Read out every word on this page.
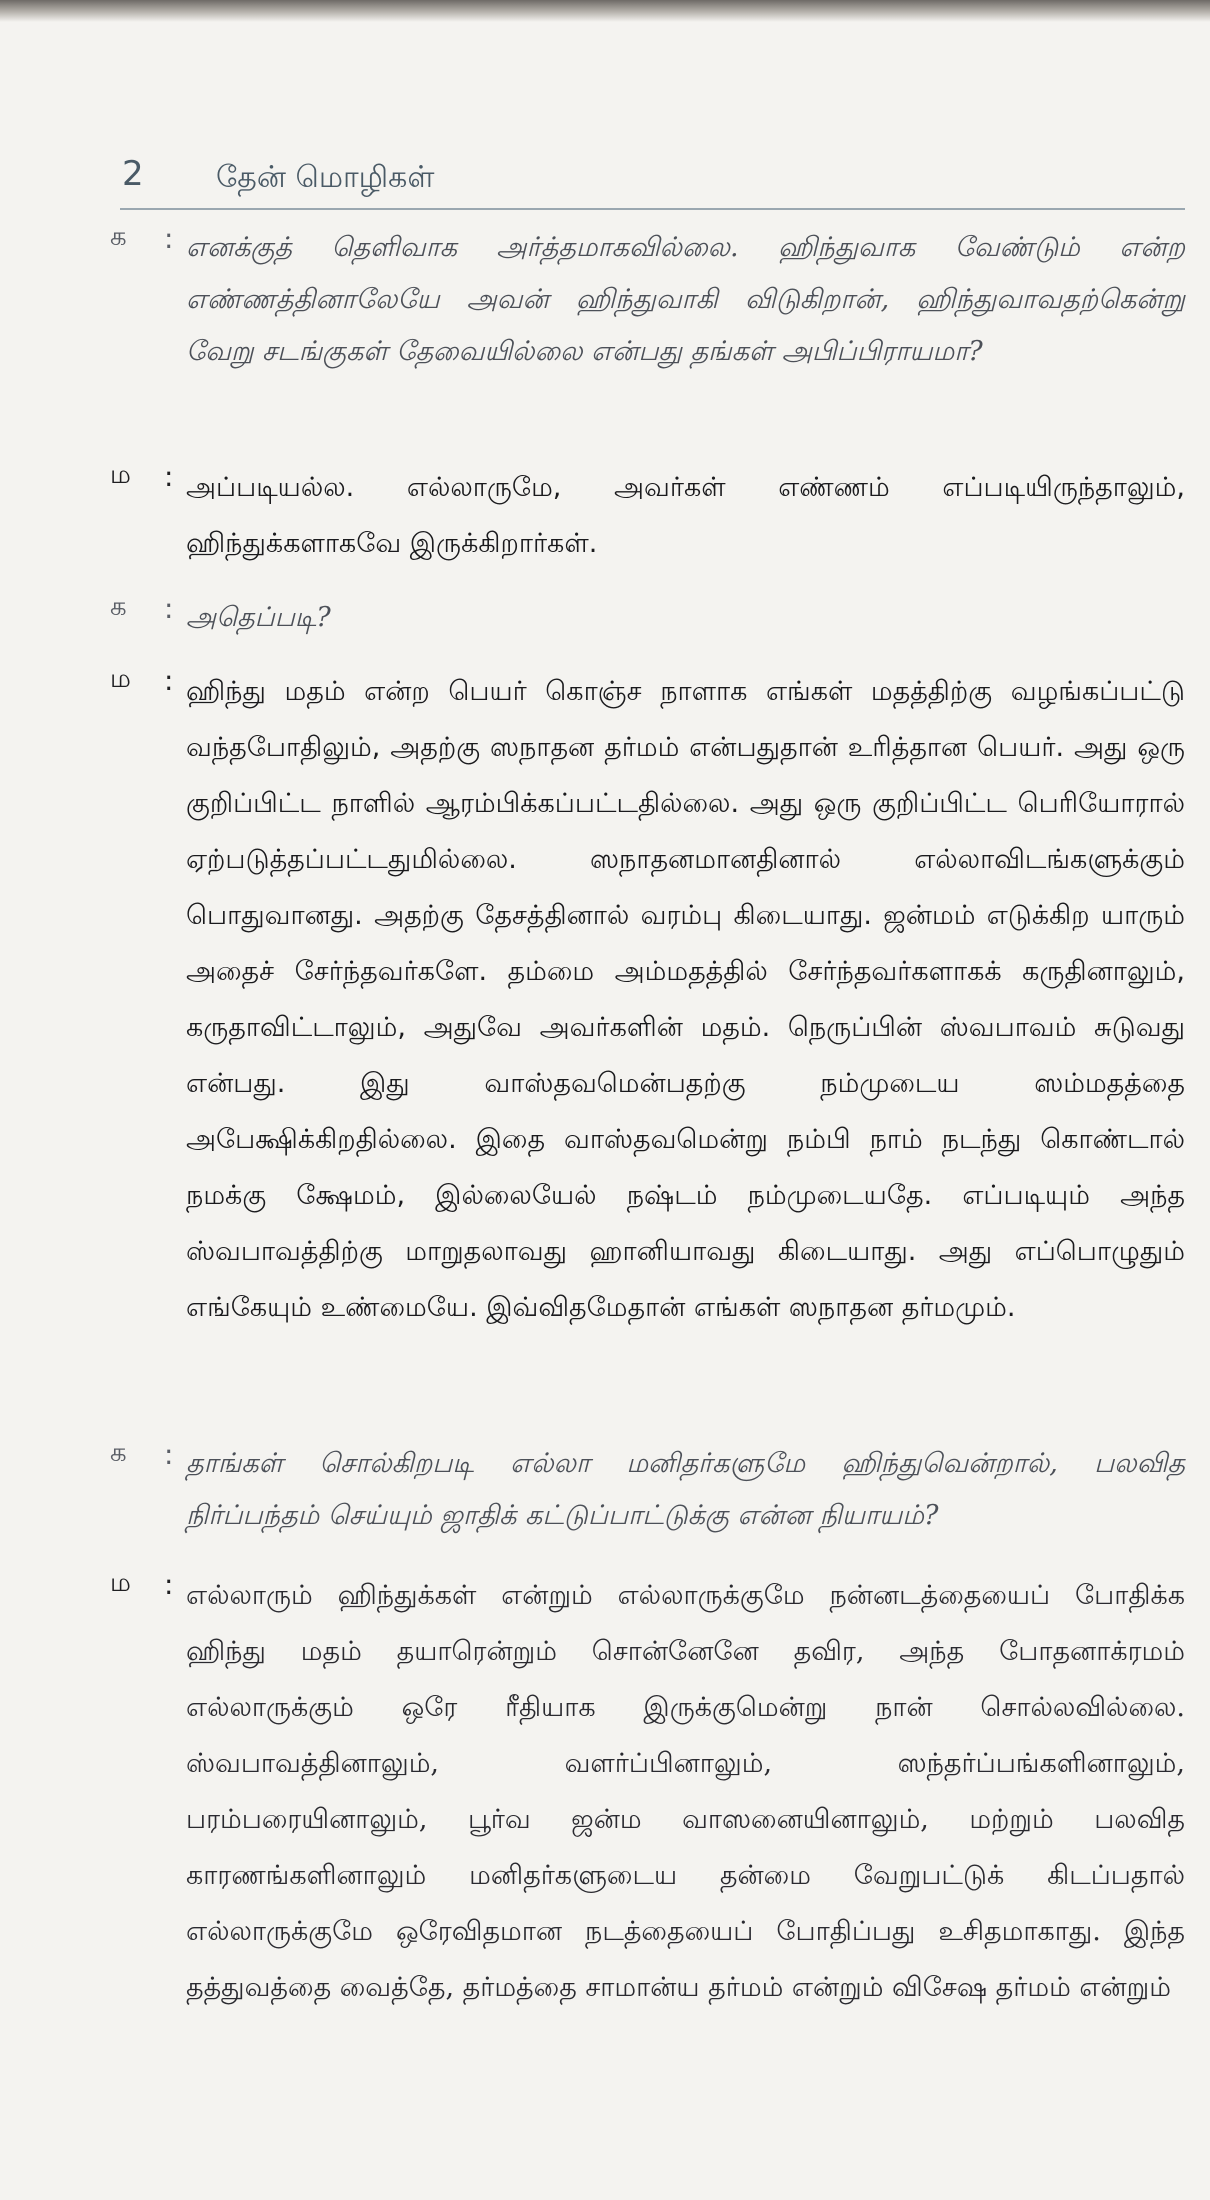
2 தேன் மொழிகள்
க	: எனக்குத் தெளிவாக அர்த்தமாகவில்லை. ஹிந்துவாக வேண்டும் என்ற எண்ணத்தினாலேயே அவன் ஹிந்துவாகி விடுகிறான், ஹிந்துவாவதற்கென்று வேறு சடங்குகள் தேவையில்லை என்பது தங்கள் அபிப்பிராயமா?
ம	: அப்படியல்ல. எல்லாருமே, அவர்கள் எண்ணம் எப்படியிருந்தாலும், ஹிந்துக்களாகவே இருக்கிறார்கள்.
க	: அதெப்படி?
ம	: ஹிந்து மதம் என்ற பெயர் கொஞ்ச நாளாக எங்கள் மதத்திற்கு வழங்கப்பட்டு வந்தபோதிலும், அதற்கு ஸநாதன தர்மம் என்பதுதான் உரித்தான பெயர். அது ஒரு குறிப்பிட்ட நாளில் ஆரம்பிக்கப்பட்டதில்லை. அது ஒரு குறிப்பிட்ட பெரியோரால் ஏற்படுத்தப்பட்டதுமில்லை. ஸநாதனமானதினால் எல்லாவிடங்களுக்கும் பொதுவானது. அதற்கு தேசத்தினால் வரம்பு கிடையாது. ஜன்மம் எடுக்கிற யாரும் அதைச் சேர்ந்தவர்களே. தம்மை அம்மதத்தில் சேர்ந்தவர்களாகக் கருதினாலும், கருதாவிட்டாலும், அதுவே அவர்களின் மதம். நெருப்பின் ஸ்வபாவம் சுடுவது என்பது. இது வாஸ்தவமென்பதற்கு நம்முடைய ஸம்மதத்தை அபேக்ஷிக்கிறதில்லை. இதை வாஸ்தவமென்று நம்பி நாம் நடந்து கொண்டால் நமக்கு க்ஷேமம், இல்லையேல் நஷ்டம் நம்முடையதே. எப்படியும் அந்த ஸ்வபாவத்திற்கு மாறுதலாவது ஹானியாவது கிடையாது. அது எப்பொழுதும் எங்கேயும் உண்மையே. இவ்விதமேதான் எங்கள் ஸநாதன தர்மமும்.
க	: தாங்கள் சொல்கிறபடி எல்லா மனிதர்களுமே ஹிந்துவென்றால், பலவித நிர்ப்பந்தம் செய்யும் ஜாதிக் கட்டுப்பாட்டுக்கு என்ன நியாயம்?
ம	: எல்லாரும் ஹிந்துக்கள் என்றும் எல்லாருக்குமே நன்னடத்தையைப் போதிக்க ஹிந்து மதம் தயாரென்றும் சொன்னேனே தவிர, அந்த போதனாக்ரமம் எல்லாருக்கும் ஒரே ரீதியாக இருக்குமென்று நான் சொல்லவில்லை. ஸ்வபாவத்தினாலும், வளர்ப்பினாலும், ஸந்தர்ப்பங்களினாலும், பரம்பரையினாலும், பூர்வ ஜன்ம வாஸனையினாலும், மற்றும் பலவித காரணங்களினாலும் மனிதர்களுடைய தன்மை வேறுபட்டுக் கிடப்பதால் எல்லாருக்குமே ஒரேவிதமான நடத்தையைப் போதிப்பது உசிதமாகாது. இந்த தத்துவத்தை வைத்தே, தர்மத்தை சாமான்ய தர்மம் என்றும் விசேஷ தர்மம் என்றும்
